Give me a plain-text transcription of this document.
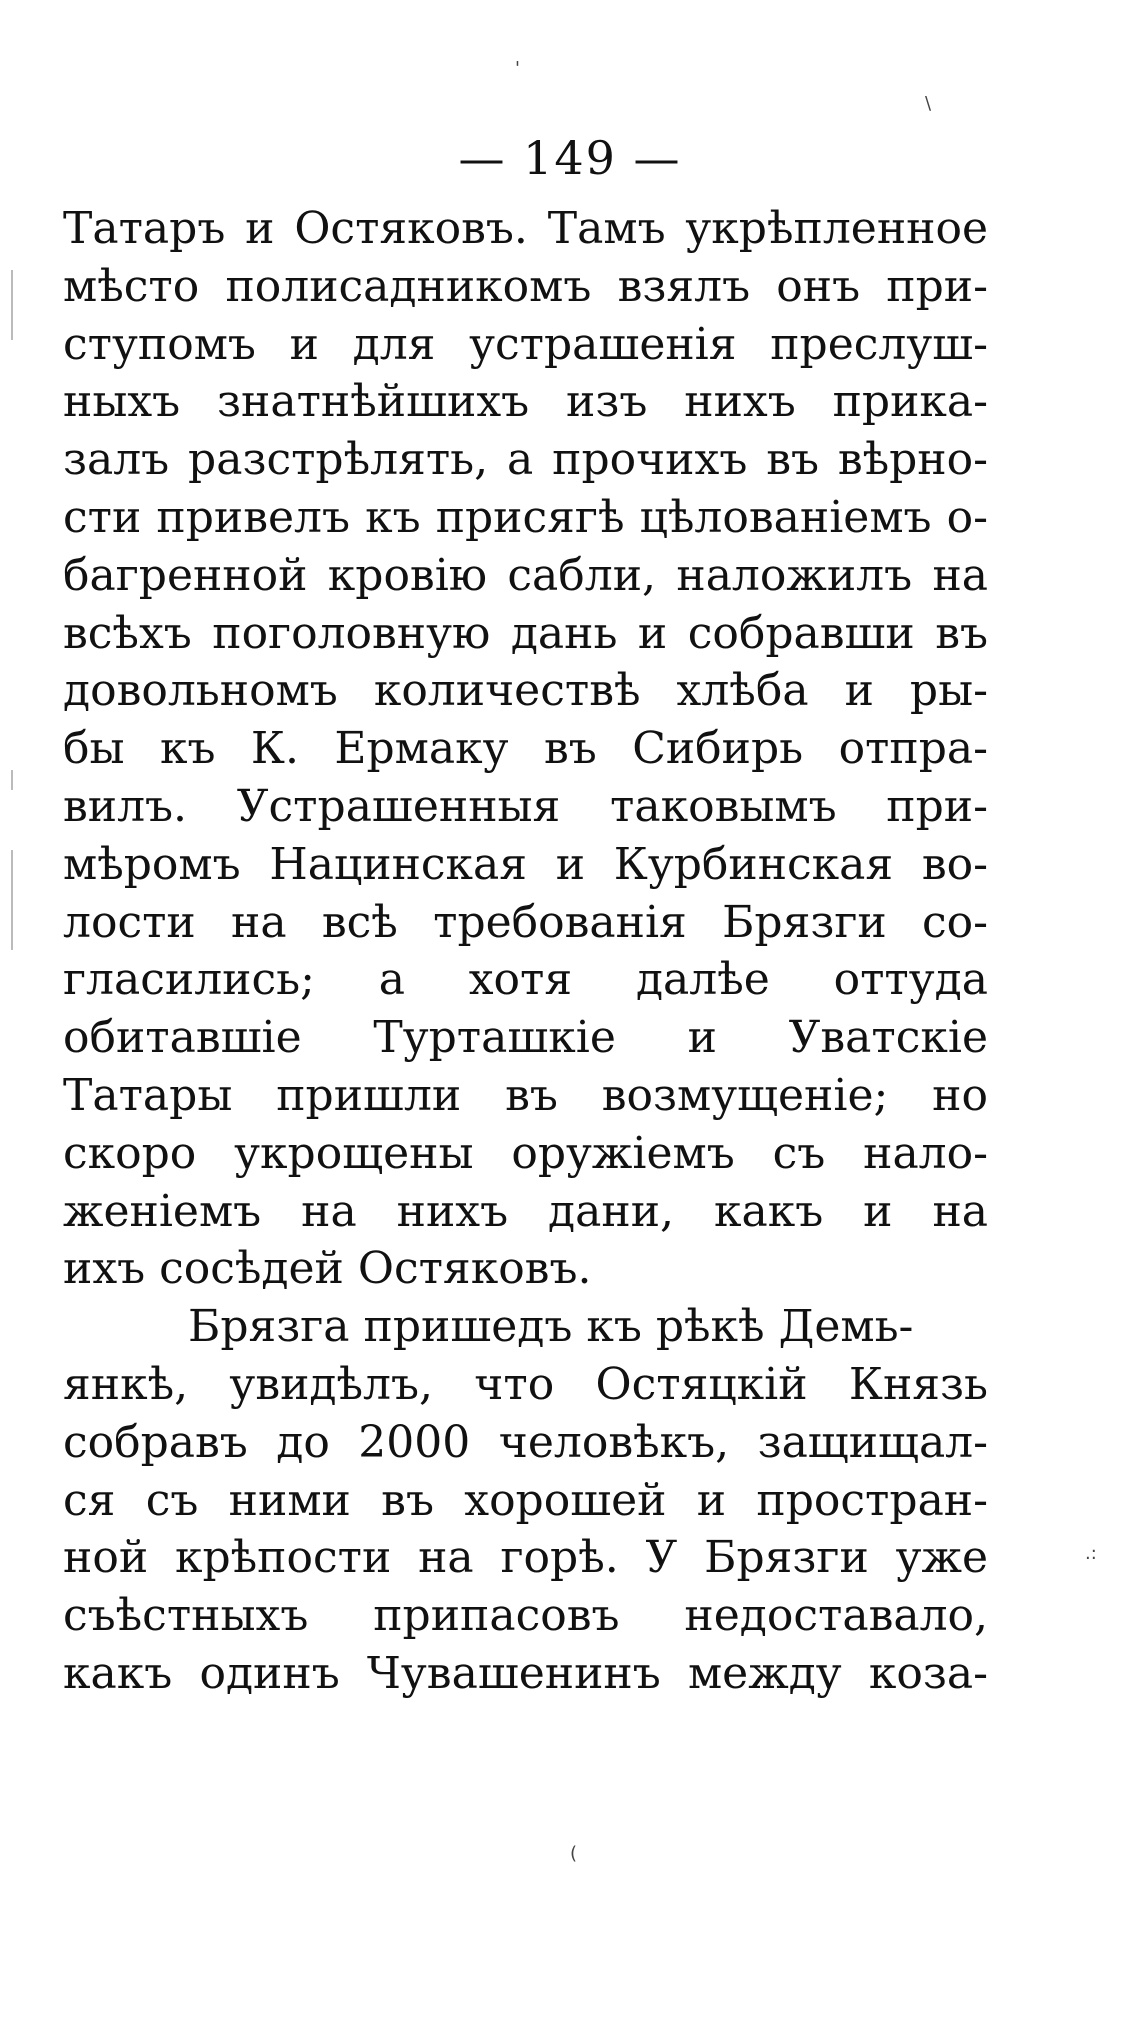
— 149 —
Татаръ и Остяковъ. Тамъ укрѣпленное
мѣсто полисадникомъ взялъ онъ при-
ступомъ и для устрашенія преслуш-
ныхъ знатнѣйшихъ изъ нихъ прика-
залъ разстрѣлять, а прочихъ въ вѣрно-
сти привелъ къ присягѣ цѣлованіемъ о-
багренной кровію сабли, наложилъ на
всѣхъ поголовную дань и собравши въ
довольномъ количествѣ хлѣба и ры-
бы къ К. Ермаку въ Сибирь отпра-
вилъ. Устрашенныя таковымъ при-
мѣромъ Нацинская и Курбинская во-
лости на всѣ требованія Брязги со-
гласились; а хотя далѣе оттуда
обитавшіе Турташкіе и Уватскіе
Татары пришли въ возмущеніе; но
скоро укрощены оружіемъ съ нало-
женіемъ на нихъ дани, какъ и на
ихъ сосѣдей Остяковъ.
Брязга пришедъ къ рѣкѣ Демь-
янкѣ, увидѣлъ, что Остяцкій Князь
собравъ до 2000 человѣкъ, защищал-
ся съ ними въ хорошей и простран-
ной крѣпости на горѣ. У Брязги уже
съѣстныхъ припасовъ недоставало,
какъ одинъ Чувашенинъ между коза-
'
\
.:
(
